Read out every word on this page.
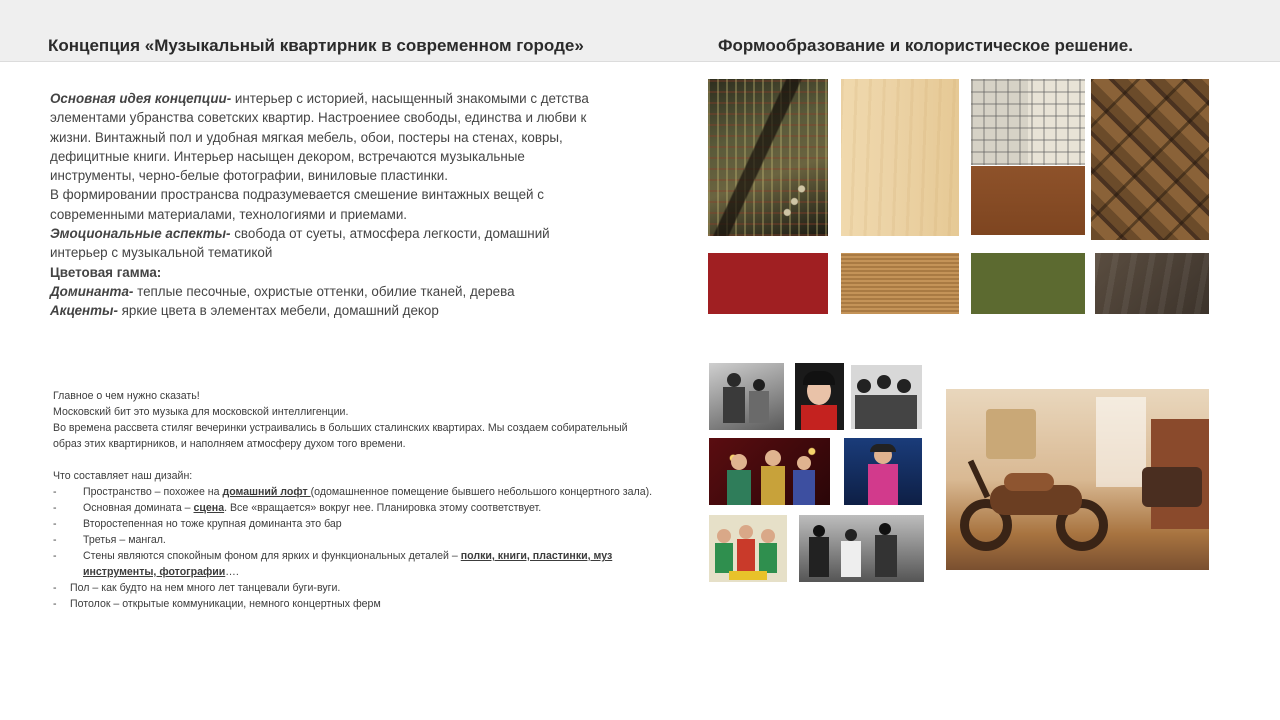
Концепция «Музыкальный квартирник в современном городе»	Формообразование и колористическое решение.
Основная идея концепции- интерьер с историей, насыщенный знакомыми с детства элементами убранства советских квартир. Настроениее свободы, единства и любви к жизни. Винтажный пол и удобная мягкая мебель, обои, постеры на стенах, ковры, дефицитные книги. Интерьер насыщен декором, встречаются музыкальные инструменты, черно-белые фотографии, виниловые пластинки.
В формировании пространсва подразумевается смешение винтажных вещей с современными материалами, технологиями и приемами.
Эмоциональные аспекты- свобода от суеты, атмосфера легкости, домашний интерьер с музыкальной тематикой
Цветовая гамма:
Доминанта- теплые песочные, охристые оттенки, обилие тканей, дерева
Акценты- яркие цвета в элементах мебели, домашний декор
Главное о чем нужно сказать!
Московский бит это музыка для московской интеллигенции.
Во времена рассвета стиляг вечеринки устраивались в больших сталинских квартирах. Мы создаем собирательный образ этих квартирников, и наполняем атмосферу духом того времени.
Что составляет наш дизайн:
- Пространство – похожее на домашний лофт (одомашненное помещение бывшего небольшого концертного зала).
- Основная домината – сцена. Все «вращается» вокруг нее. Планировка этому соответствует.
- Второстепенная но тоже крупная доминанта это бар
- Третья – мангал.
- Стены являются спокойным фоном для ярких и функциональных деталей – полки, книги, пластинки, муз инструменты, фотографии….
- Пол – как будто на нем много лет танцевали буги-вуги.
- Потолок – открытые коммуникации, немного концертных ферм
